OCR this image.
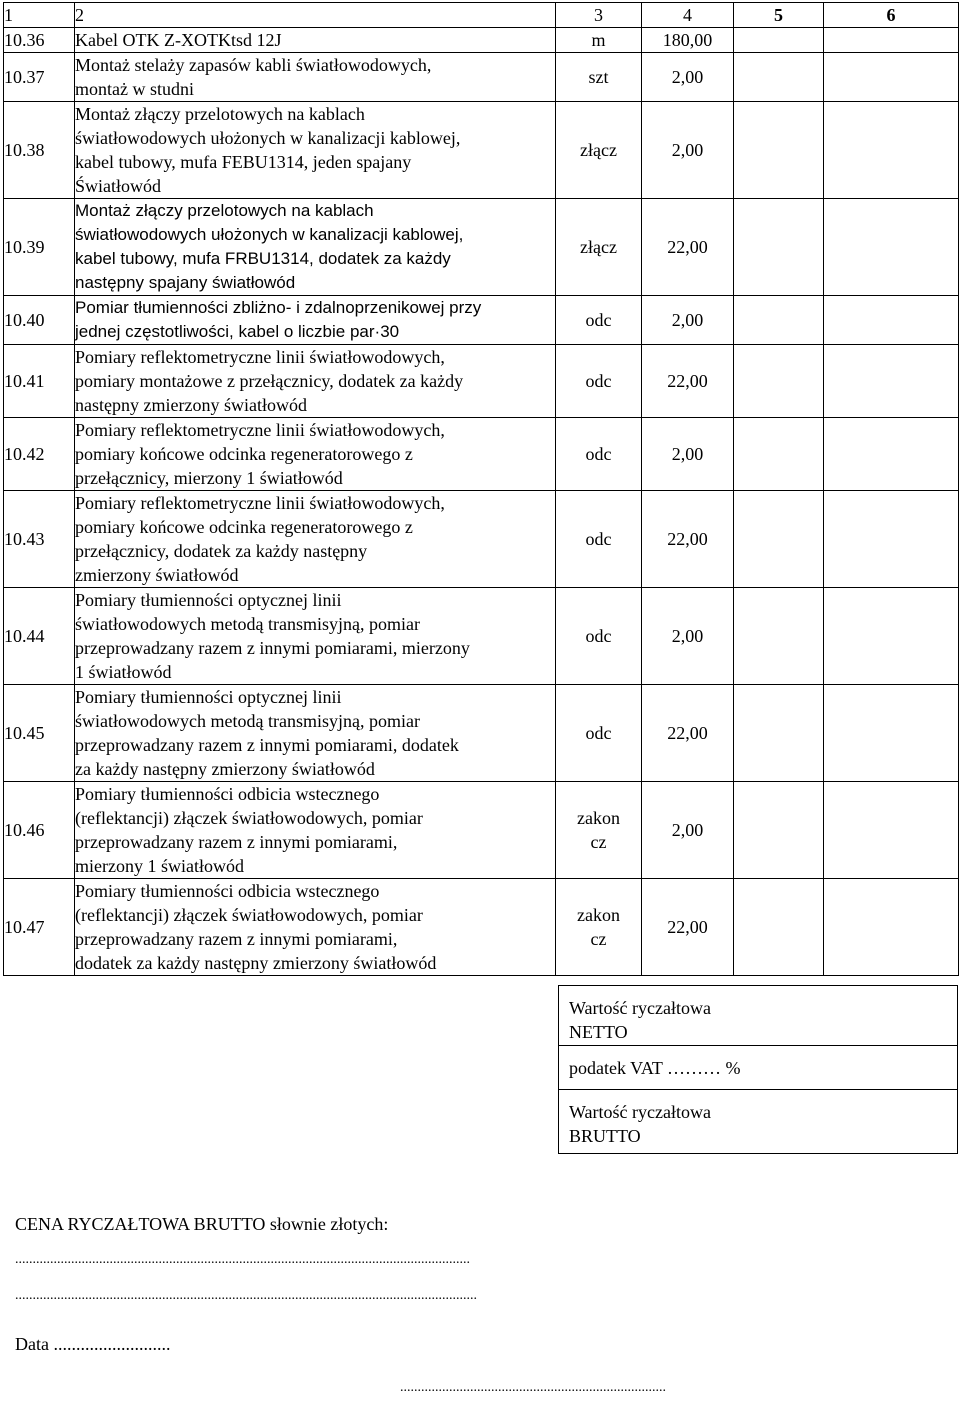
1	2	3	4	5	6
10.36	Kabel OTK Z-XOTKtsd 12J	m	180,00		
10.37	Montaż stelaży zapasów kabli światłowodowych,
montaż w studni	szt	2,00		
10.38	Montaż złączy przelotowych na kablach
światłowodowych ułożonych w kanalizacji kablowej,
kabel tubowy, mufa FEBU1314, jeden spajany
Światłowód	złącz	2,00		
10.39	Montaż złączy przelotowych na kablach
światłowodowych ułożonych w kanalizacji kablowej,
kabel tubowy, mufa FRBU1314, dodatek za każdy
następny spajany światłowód	złącz	22,00		
10.40	Pomiar tłumienności zbliżno- i zdalnoprzenikowej przy
jednej częstotliwości, kabel o liczbie par·30	odc	2,00		
10.41	Pomiary reflektometryczne linii światłowodowych,
pomiary montażowe z przełącznicy, dodatek za każdy
następny zmierzony światłowód	odc	22,00		
10.42	Pomiary reflektometryczne linii światłowodowych,
pomiary końcowe odcinka regeneratorowego z
przełącznicy, mierzony 1 światłowód	odc	2,00		
10.43	Pomiary reflektometryczne linii światłowodowych,
pomiary końcowe odcinka regeneratorowego z
przełącznicy, dodatek za każdy następny
zmierzony światłowód	odc	22,00		
10.44	Pomiary tłumienności optycznej linii
światłowodowych metodą transmisyjną, pomiar
przeprowadzany razem z innymi pomiarami, mierzony
1 światłowód	odc	2,00		
10.45	Pomiary tłumienności optycznej linii
światłowodowych metodą transmisyjną, pomiar
przeprowadzany razem z innymi pomiarami, dodatek
za każdy następny zmierzony światłowód	odc	22,00		
10.46	Pomiary tłumienności odbicia wstecznego
(reflektancji) złączek światłowodowych, pomiar
przeprowadzany razem z innymi pomiarami,
mierzony 1 światłowód	zakon
cz	2,00		
10.47	Pomiary tłumienności odbicia wstecznego
(reflektancji) złączek światłowodowych, pomiar
przeprowadzany razem z innymi pomiarami,
dodatek za każdy następny zmierzony światłowód	zakon
cz	22,00		
Wartość ryczałtowa
NETTO

podatek VAT ……… %

Wartość ryczałtowa
BRUTTO
CENA RYCZAŁTOWA BRUTTO słownie złotych:
..................................................................................................................................
....................................................................................................................................
Data ..........................
............................................................................
